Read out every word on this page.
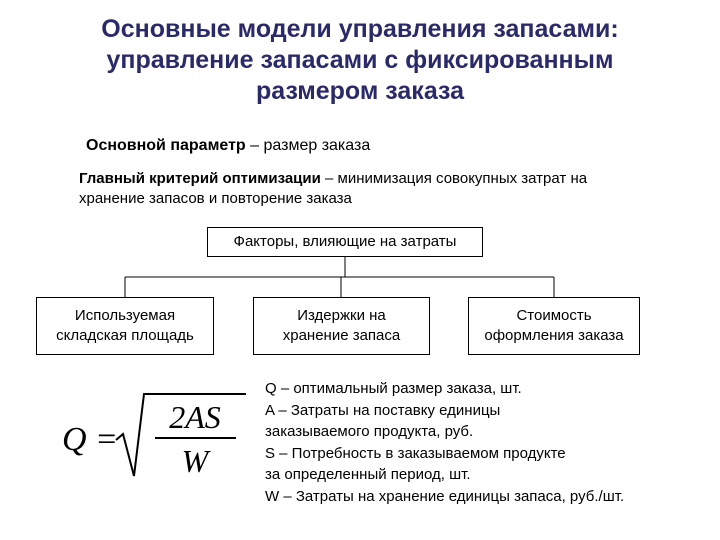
Основные модели управления запасами:
управление запасами с фиксированным
размером заказа
Основной параметр – размер заказа
Главный критерий оптимизации – минимизация совокупных затрат на хранение запасов и повторение заказа
Факторы, влияющие на затраты
Используемая
складская площадь
Издержки на
хранение запаса
Стоимость
оформления заказа
Q =
2AS
W
Q – оптимальный размер заказа, шт.
A – Затраты на поставку единицы
заказываемого продукта, руб.
S – Потребность в заказываемом продукте
за определенный период, шт.
W – Затраты на хранение единицы запаса, руб./шт.
